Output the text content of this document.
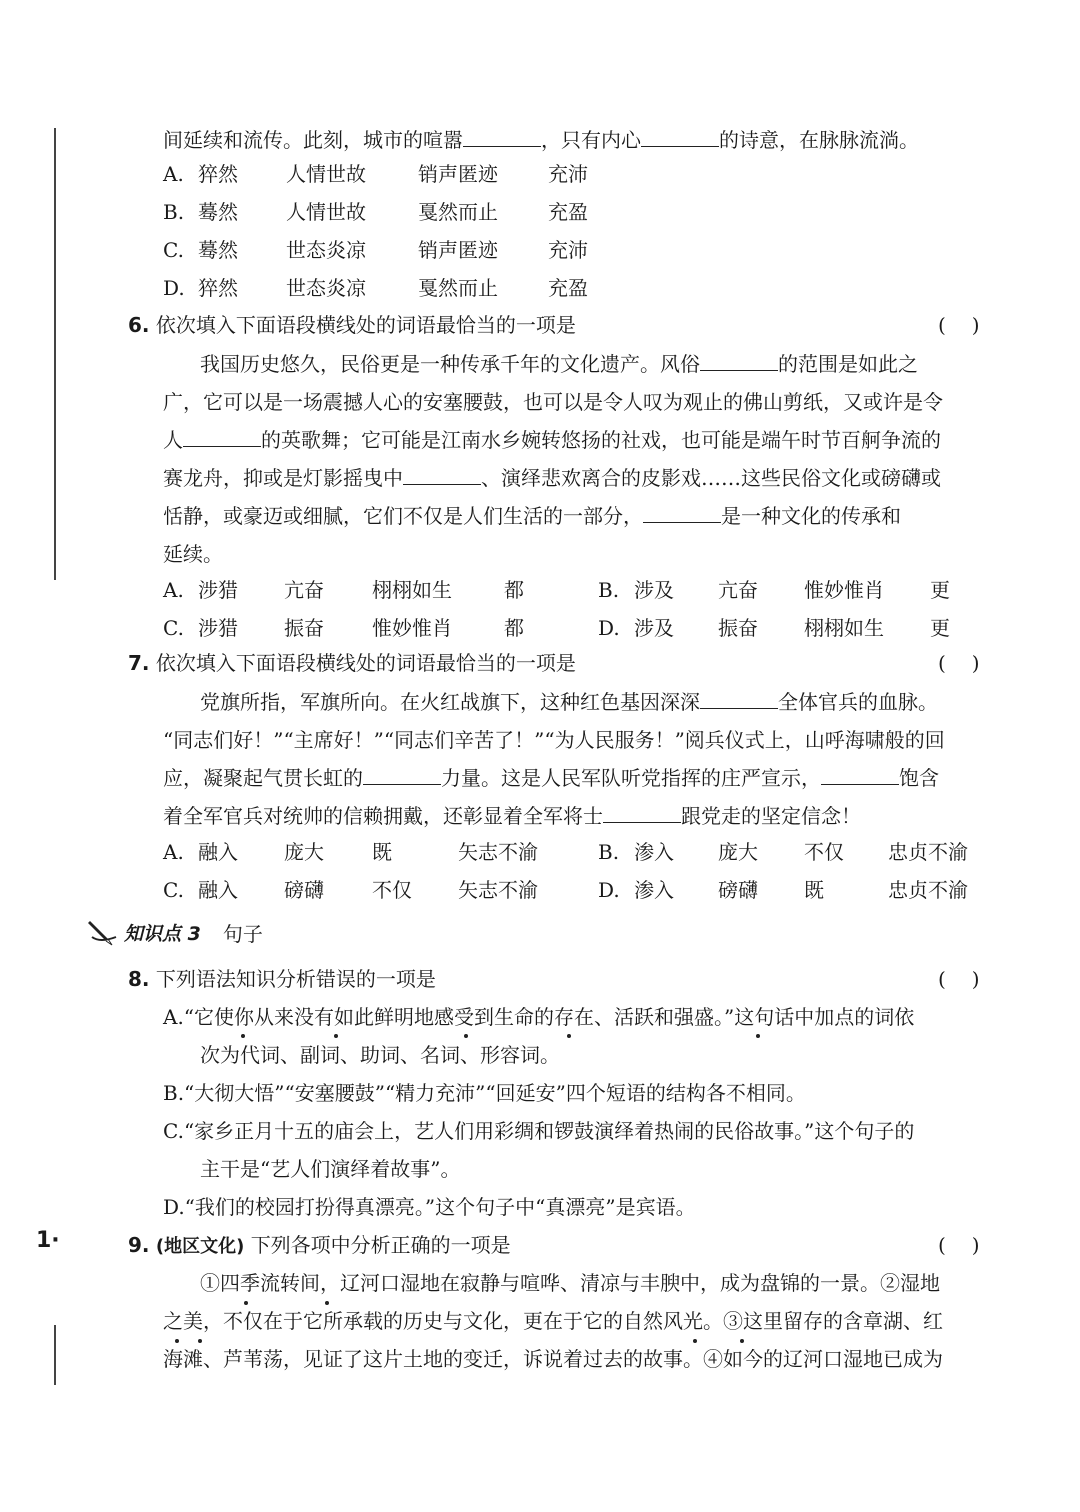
间延续和流传。此刻，城市的喧嚣	，只有内心	的诗意，在脉脉流淌。
A. 猝然 人情世故	销声匿迹	充沛
B. 蓦然 人情世故	戛然而止	充盈
C. 蓦然 世态炎凉	销声匿迹	充沛
D. 猝然 世态炎凉	戛然而止	充盈
6. 依次填入下面语段横线处的词语最恰当的一项是	()
我国历史悠久，民俗更是一种传承千年的文化遗产。风俗	的范围是如此之
广，它可以是一场震撼人心的安塞腰鼓，也可以是令人叹为观止的佛山剪纸，又或许是令
人	的英歌舞；它可能是江南水乡婉转悠扬的社戏，也可能是端午时节百舸争流的
赛龙舟，抑或是灯影摇曳中	、演绎悲欢离合的皮影戏……这些民俗文化或磅礴或
恬静，或豪迈或细腻，它们不仅是人们生活的一部分，	是一种文化的传承和
延续。
A. 涉猎 亢奋 栩栩如生	都	B. 涉及 亢奋 惟妙惟肖 更
C. 涉猎 振奋 惟妙惟肖	都	D. 涉及 振奋 栩栩如生 更
7. 依次填入下面语段横线处的词语最恰当的一项是	()
党旗所指，军旗所向。在火红战旗下，这种红色基因深深	全体官兵的血脉。
“同志们好！”“主席好！”“同志们辛苦了！”“为人民服务！”阅兵仪式上，山呼海啸般的回
应，凝聚起气贯长虹的	力量。这是人民军队听党指挥的庄严宣示，	饱含
着全军官兵对统帅的信赖拥戴，还彰显着全军将士	跟党走的坚定信念！
A. 融入 庞大 既	矢志不渝	B. 渗入 庞大 不仅 忠贞不渝
C. 融入 磅礴 不仅 矢志不渝	D. 渗入 磅礴 既	忠贞不渝
知识点 3 句子
8. 下列语法知识分析错误的一项是	()
A.“它使你从来没有如此鲜明地感受到生命的存在、活跃和强盛。”这句话中加点的词依
次为代词、副词、助词、名词、形容词。
B.“大彻大悟”“安塞腰鼓”“精力充沛”“回延安”四个短语的结构各不相同。
C.“家乡正月十五的庙会上，艺人们用彩绸和锣鼓演绎着热闹的民俗故事。”这个句子的
主干是“艺人们演绎着故事”。
D.“我们的校园打扮得真漂亮。”这个句子中“真漂亮”是宾语。
9. (地区文化) 下列各项中分析正确的一项是	()
①四季流转间，辽河口湿地在寂静与喧哗、清凉与丰腴中，成为盘锦的一景。②湿地
之美，不仅在于它所承载的历史与文化，更在于它的自然风光。③这里留存的含章湖、红
海滩、芦苇荡，见证了这片土地的变迁，诉说着过去的故事。④如今的辽河口湿地已成为
1·
